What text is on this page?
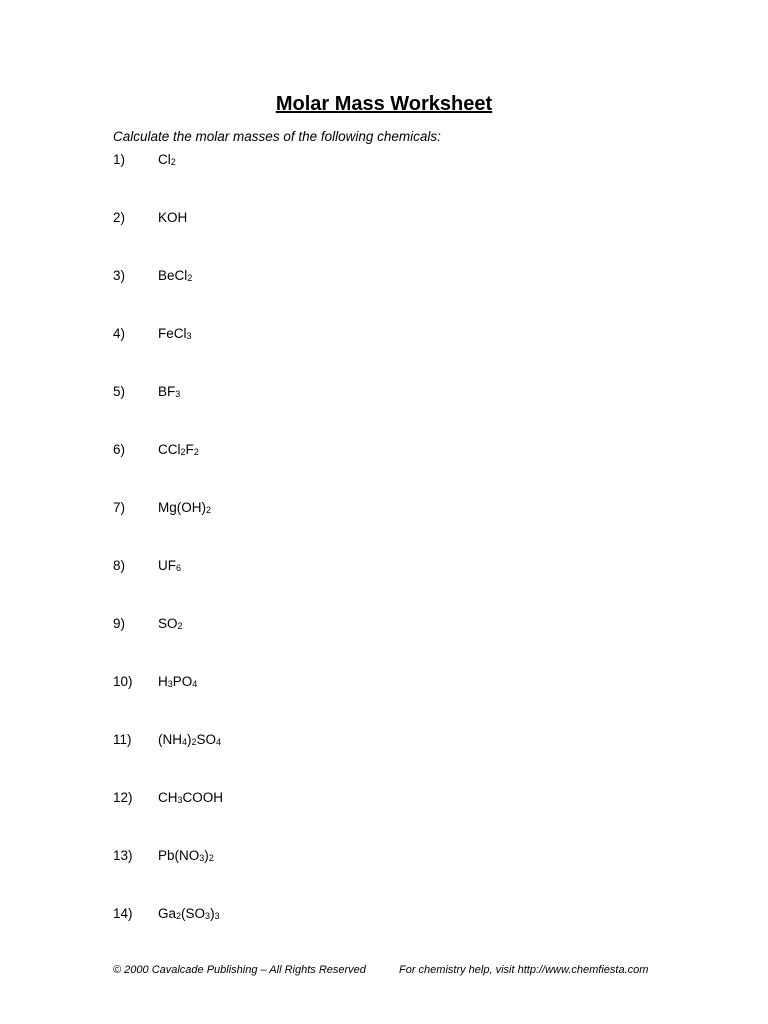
Molar Mass Worksheet
Calculate the molar masses of the following chemicals:
1) Cl2
2) KOH
3) BeCl2
4) FeCl3
5) BF3
6) CCl2F2
7) Mg(OH)2
8) UF6
9) SO2
10) H3PO4
11) (NH4)2SO4
12) CH3COOH
13) Pb(NO3)2
14) Ga2(SO3)3
© 2000 Cavalcade Publishing – All Rights Reserved	For chemistry help, visit http://www.chemfiesta.com
